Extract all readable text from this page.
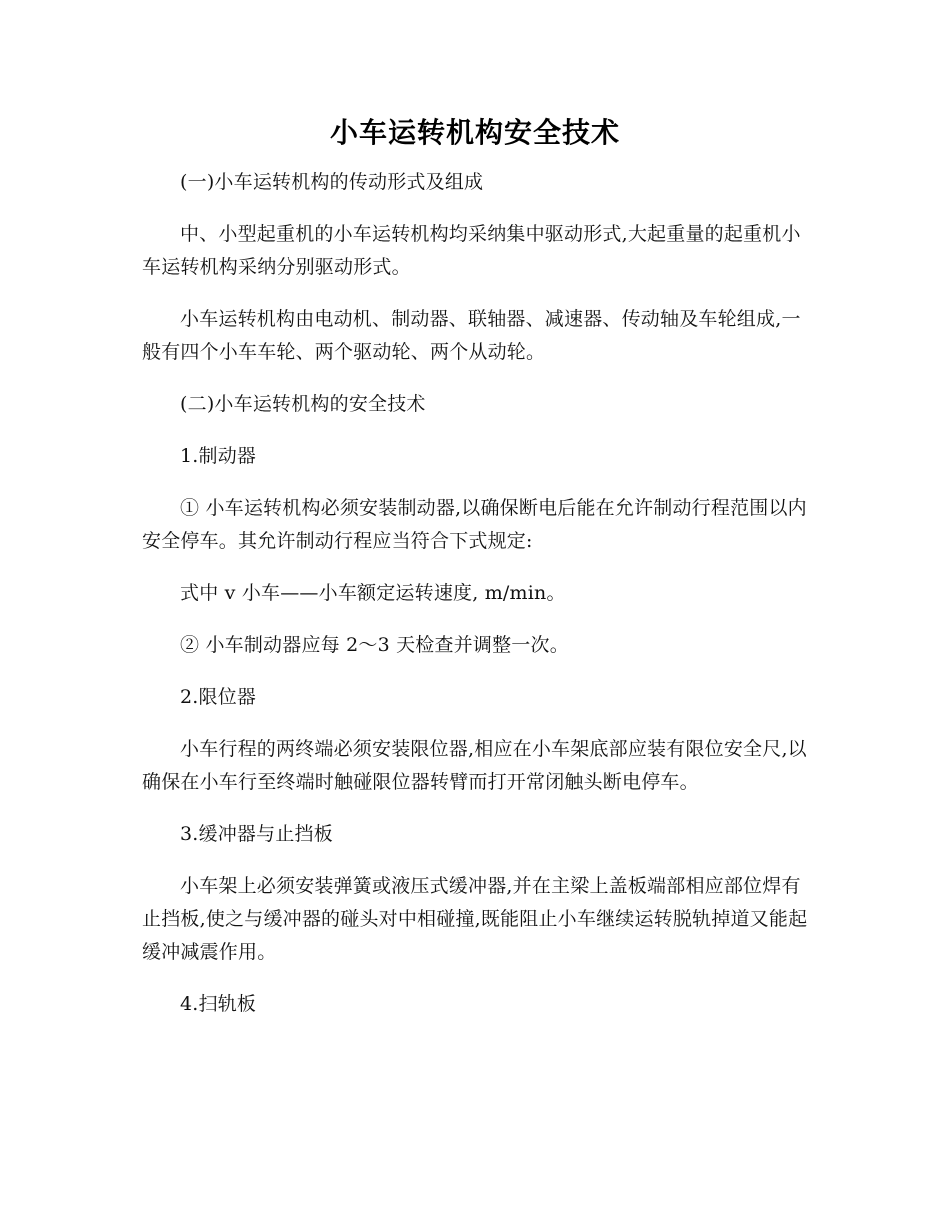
小车运转机构安全技术

(一)小车运转机构的传动形式及组成

中、小型起重机的小车运转机构均采纳集中驱动形式,大起重量的起重机小车运转机构采纳分别驱动形式。

小车运转机构由电动机、制动器、联轴器、减速器、传动轴及车轮组成,一般有四个小车车轮、两个驱动轮、两个从动轮。

(二)小车运转机构的安全技术

1.制动器

① 小车运转机构必须安装制动器,以确保断电后能在允许制动行程范围以内安全停车。其允许制动行程应当符合下式规定:

式中 v 小车——小车额定运转速度, m/min。

② 小车制动器应每 2～3 天检查并调整一次。

2.限位器

小车行程的两终端必须安装限位器,相应在小车架底部应装有限位安全尺,以确保在小车行至终端时触碰限位器转臂而打开常闭触头断电停车。

3.缓冲器与止挡板

小车架上必须安装弹簧或液压式缓冲器,并在主梁上盖板端部相应部位焊有止挡板,使之与缓冲器的碰头对中相碰撞,既能阻止小车继续运转脱轨掉道又能起缓冲减震作用。

4.扫轨板
